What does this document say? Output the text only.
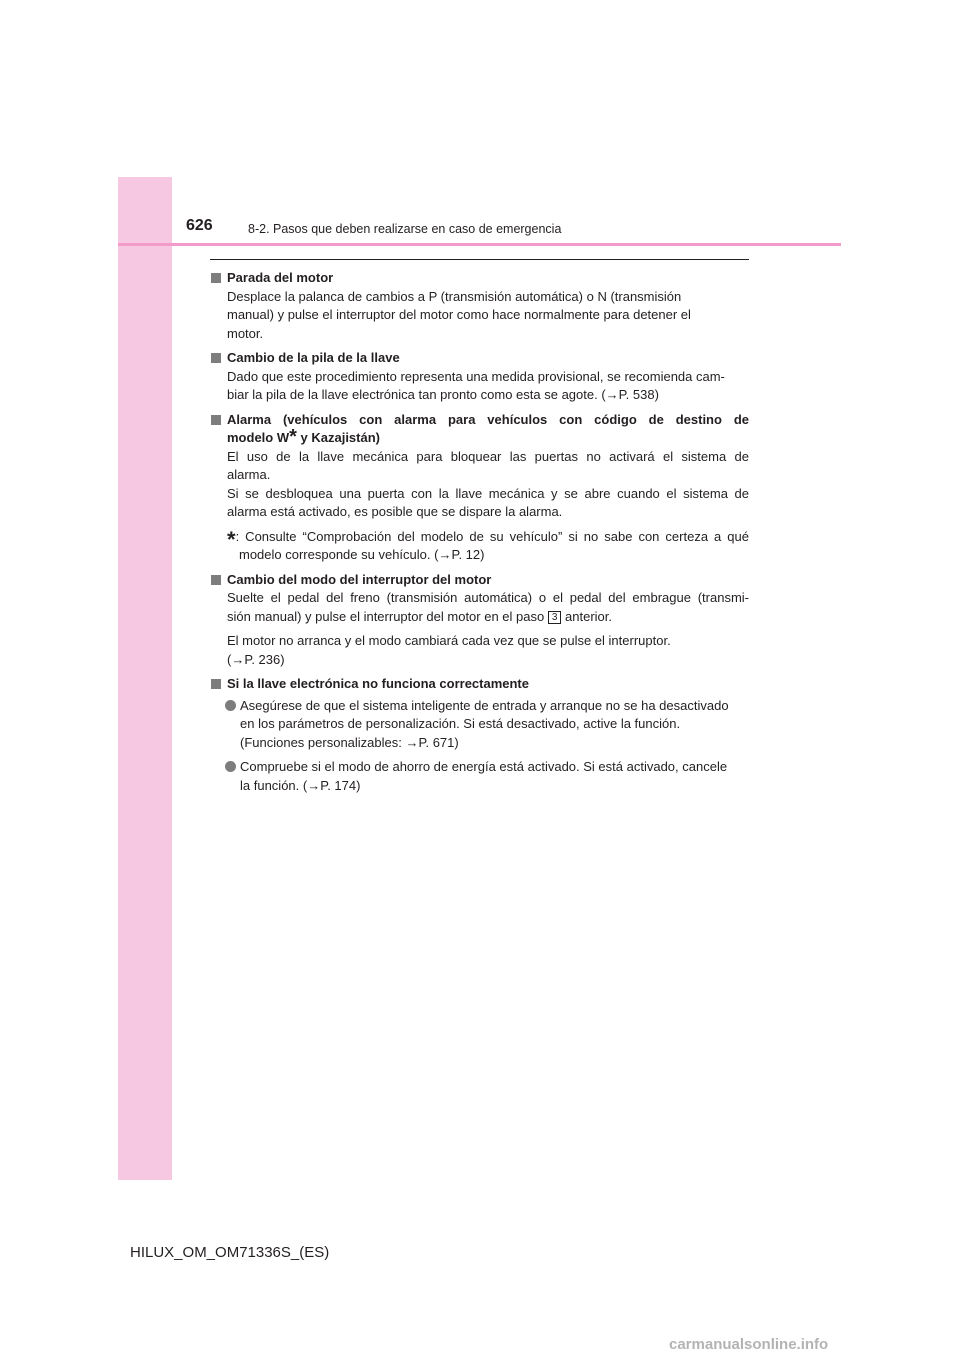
626	8-2. Pasos que deben realizarse en caso de emergencia
Parada del motor
Desplace la palanca de cambios a P (transmisión automática) o N (transmisión
manual) y pulse el interruptor del motor como hace normalmente para detener el
motor.
Cambio de la pila de la llave
Dado que este procedimiento representa una medida provisional, se recomienda cam-
biar la pila de la llave electrónica tan pronto como esta se agote. (→P. 538)
Alarma (vehículos con alarma para vehículos con código de destino de
modelo W* y Kazajistán)
El uso de la llave mecánica para bloquear las puertas no activará el sistema de
alarma.
Si se desbloquea una puerta con la llave mecánica y se abre cuando el sistema de
alarma está activado, es posible que se dispare la alarma.
*: Consulte “Comprobación del modelo de su vehículo” si no sabe con certeza a qué
modelo corresponde su vehículo. (→P. 12)
Cambio del modo del interruptor del motor
Suelte el pedal del freno (transmisión automática) o el pedal del embrague (transmi-
sión manual) y pulse el interruptor del motor en el paso 3 anterior.
El motor no arranca y el modo cambiará cada vez que se pulse el interruptor.
(→P. 236)
Si la llave electrónica no funciona correctamente
Asegúrese de que el sistema inteligente de entrada y arranque no se ha desactivado
en los parámetros de personalización. Si está desactivado, active la función.
(Funciones personalizables: →P. 671)
Compruebe si el modo de ahorro de energía está activado. Si está activado, cancele
la función. (→P. 174)
HILUX_OM_OM71336S_(ES)
carmanualsonline.info
